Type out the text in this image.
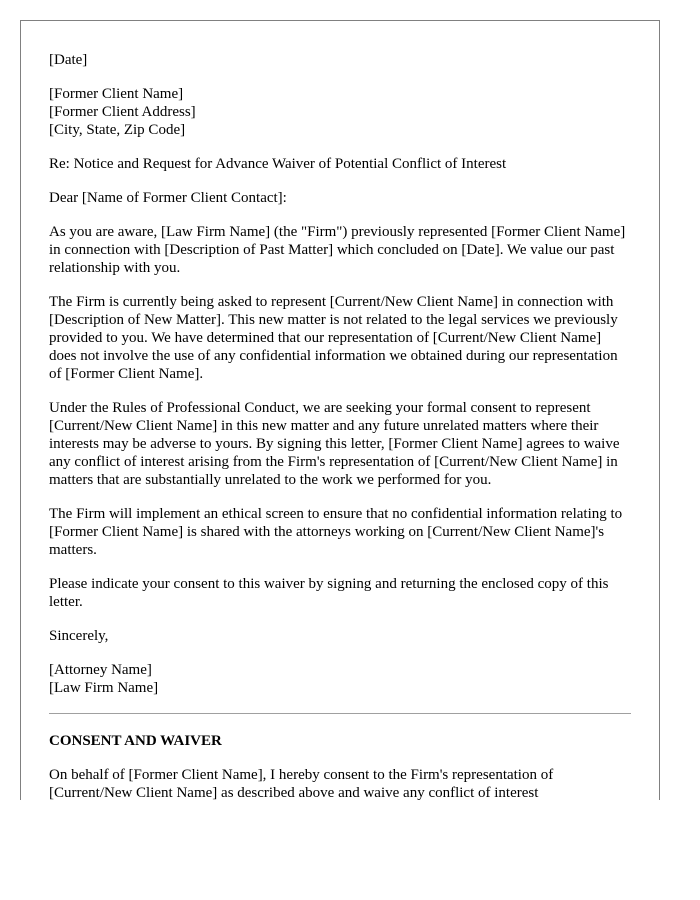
[Date]

[Former Client Name]
[Former Client Address]
[City, State, Zip Code]

Re: Notice and Request for Advance Waiver of Potential Conflict of Interest

Dear [Name of Former Client Contact]:

As you are aware, [Law Firm Name] (the "Firm") previously represented [Former Client Name] in connection with [Description of Past Matter] which concluded on [Date]. We value our past relationship with you.

The Firm is currently being asked to represent [Current/New Client Name] in connection with [Description of New Matter]. This new matter is not related to the legal services we previously provided to you. We have determined that our representation of [Current/New Client Name] does not involve the use of any confidential information we obtained during our representation of [Former Client Name].

Under the Rules of Professional Conduct, we are seeking your formal consent to represent [Current/New Client Name] in this new matter and any future unrelated matters where their interests may be adverse to yours. By signing this letter, [Former Client Name] agrees to waive any conflict of interest arising from the Firm's representation of [Current/New Client Name] in matters that are substantially unrelated to the work we performed for you.

The Firm will implement an ethical screen to ensure that no confidential information relating to [Former Client Name] is shared with the attorneys working on [Current/New Client Name]'s matters.

Please indicate your consent to this waiver by signing and returning the enclosed copy of this letter.

Sincerely,

[Attorney Name]
[Law Firm Name]

CONSENT AND WAIVER

On behalf of [Former Client Name], I hereby consent to the Firm's representation of [Current/New Client Name] as described above and waive any conflict of interest
